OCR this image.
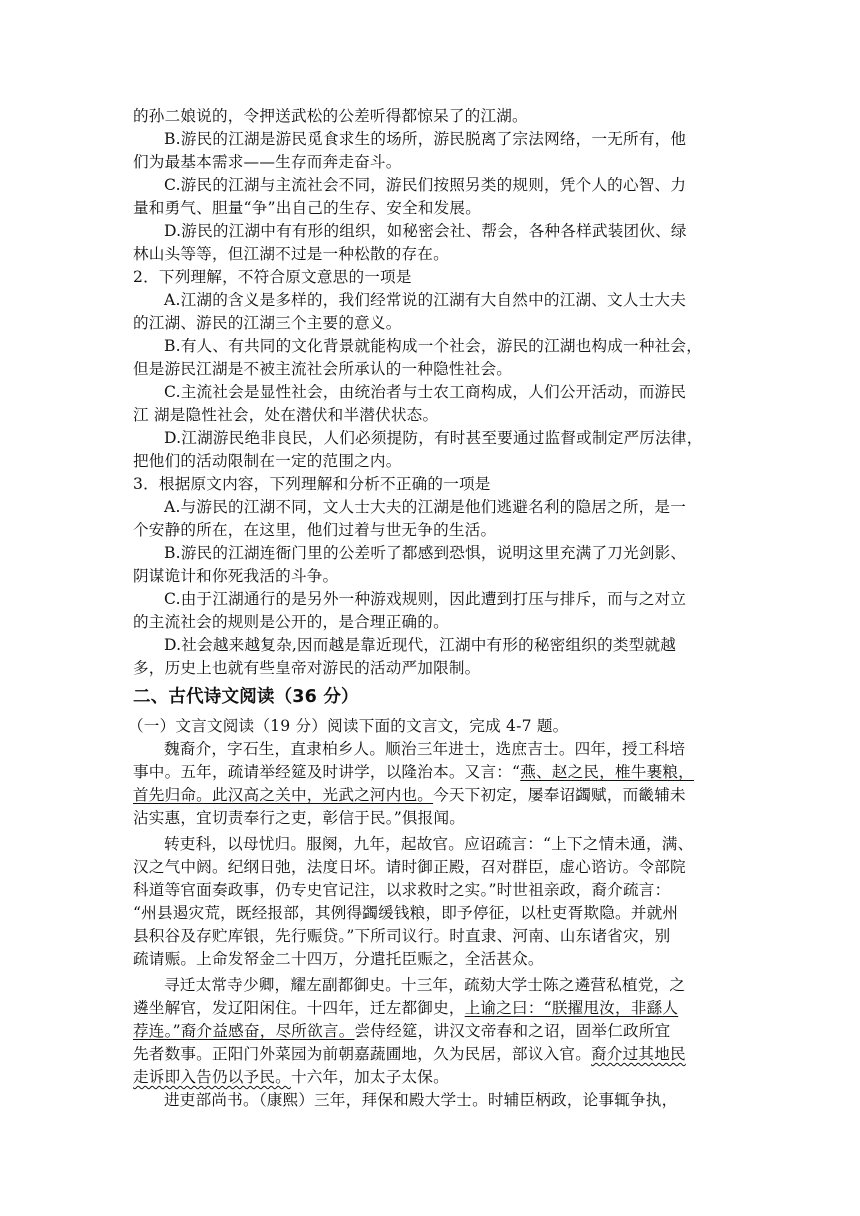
的孙二娘说的，令押送武松的公差听得都惊呆了的江湖。
B.游民的江湖是游民觅食求生的场所，游民脱离了宗法网络，一无所有，他
们为最基本需求——生存而奔走奋斗。
C.游民的江湖与主流社会不同，游民们按照另类的规则，凭个人的心智、力
量和勇气、胆量“争”出自己的生存、安全和发展。
D.游民的江湖中有有形的组织，如秘密会社、帮会，各种各样武装团伙、绿
林山头等等，但江湖不过是一种松散的存在。
2．下列理解，不符合原文意思的一项是
A.江湖的含义是多样的，我们经常说的江湖有大自然中的江湖、文人士大夫
的江湖、游民的江湖三个主要的意义。
B.有人、有共同的文化背景就能构成一个社会，游民的江湖也构成一种社会，
但是游民江湖是不被主流社会所承认的一种隐性社会。
C.主流社会是显性社会，由统治者与士农工商构成，人们公开活动，而游民
江 湖是隐性社会，处在潜伏和半潜伏状态。
D.江湖游民绝非良民，人们必须提防，有时甚至要通过监督或制定严厉法律，
把他们的活动限制在一定的范围之内。
3．根据原文内容，下列理解和分析不正确的一项是
A.与游民的江湖不同，文人士大夫的江湖是他们逃避名利的隐居之所，是一
个安静的所在，在这里，他们过着与世无争的生活。
B.游民的江湖连衙门里的公差听了都感到恐惧，说明这里充满了刀光剑影、
阴谋诡计和你死我活的斗争。
C.由于江湖通行的是另外一种游戏规则，因此遭到打压与排斥，而与之对立
的主流社会的规则是公开的，是合理正确的。
D.社会越来越复杂,因而越是靠近现代，江湖中有形的秘密组织的类型就越
多，历史上也就有些皇帝对游民的活动严加限制。
二、古代诗文阅读（36 分）
（一）文言文阅读（19 分）阅读下面的文言文，完成 4-7 题。
魏裔介，字石生，直隶柏乡人。顺治三年进士，选庶吉士。四年，授工科培
事中。五年，疏请举经筵及时讲学，以隆治本。又言：“燕、赵之民，椎牛裹粮，
首先归命。此汉高之关中，光武之河内也。今天下初定，屡奉诏蠲赋，而畿辅未
沾实惠，宜切责奉行之吏，彰信于民。”俱报闻。
转吏科，以母忧归。服阕，九年，起故官。应诏疏言：“上下之情未通，满、
汉之气中阏。纪纲日弛，法度日坏。请时御正殿，召对群臣，虚心谘访。令部院
科道等官面奏政事，仍专史官记注，以求救时之实。”时世祖亲政，裔介疏言：
“州县遏灾荒，既经报部，其例得蠲缓钱粮，即予停征，以杜吏胥欺隐。并就州
县积谷及存贮库银，先行赈贷。”下所司议行。时直隶、河南、山东诸省灾，别
疏请赈。上命发帑金二十四万，分遣托臣赈之，全活甚众。
寻迁太常寺少卿，耀左副都御史。十三年，疏劾大学士陈之遴营私植党，之
遴坐解官，发辽阳闲住。十四年，迁左都御史，上谕之曰：“朕擢甩汝，非繇人
荐连。”裔介益感奋，尽所欲言。尝侍经筵，讲汉文帝春和之诏，固举仁政所宜
先者数事。正阳门外菜园为前朝嘉蔬圃地，久为民居，部议入官。裔介过其地民
走诉即入告仍以予民。十六年，加太子太保。
进吏部尚书。（康熙）三年，拜保和殿大学士。时辅臣柄政，论事辄争执，
